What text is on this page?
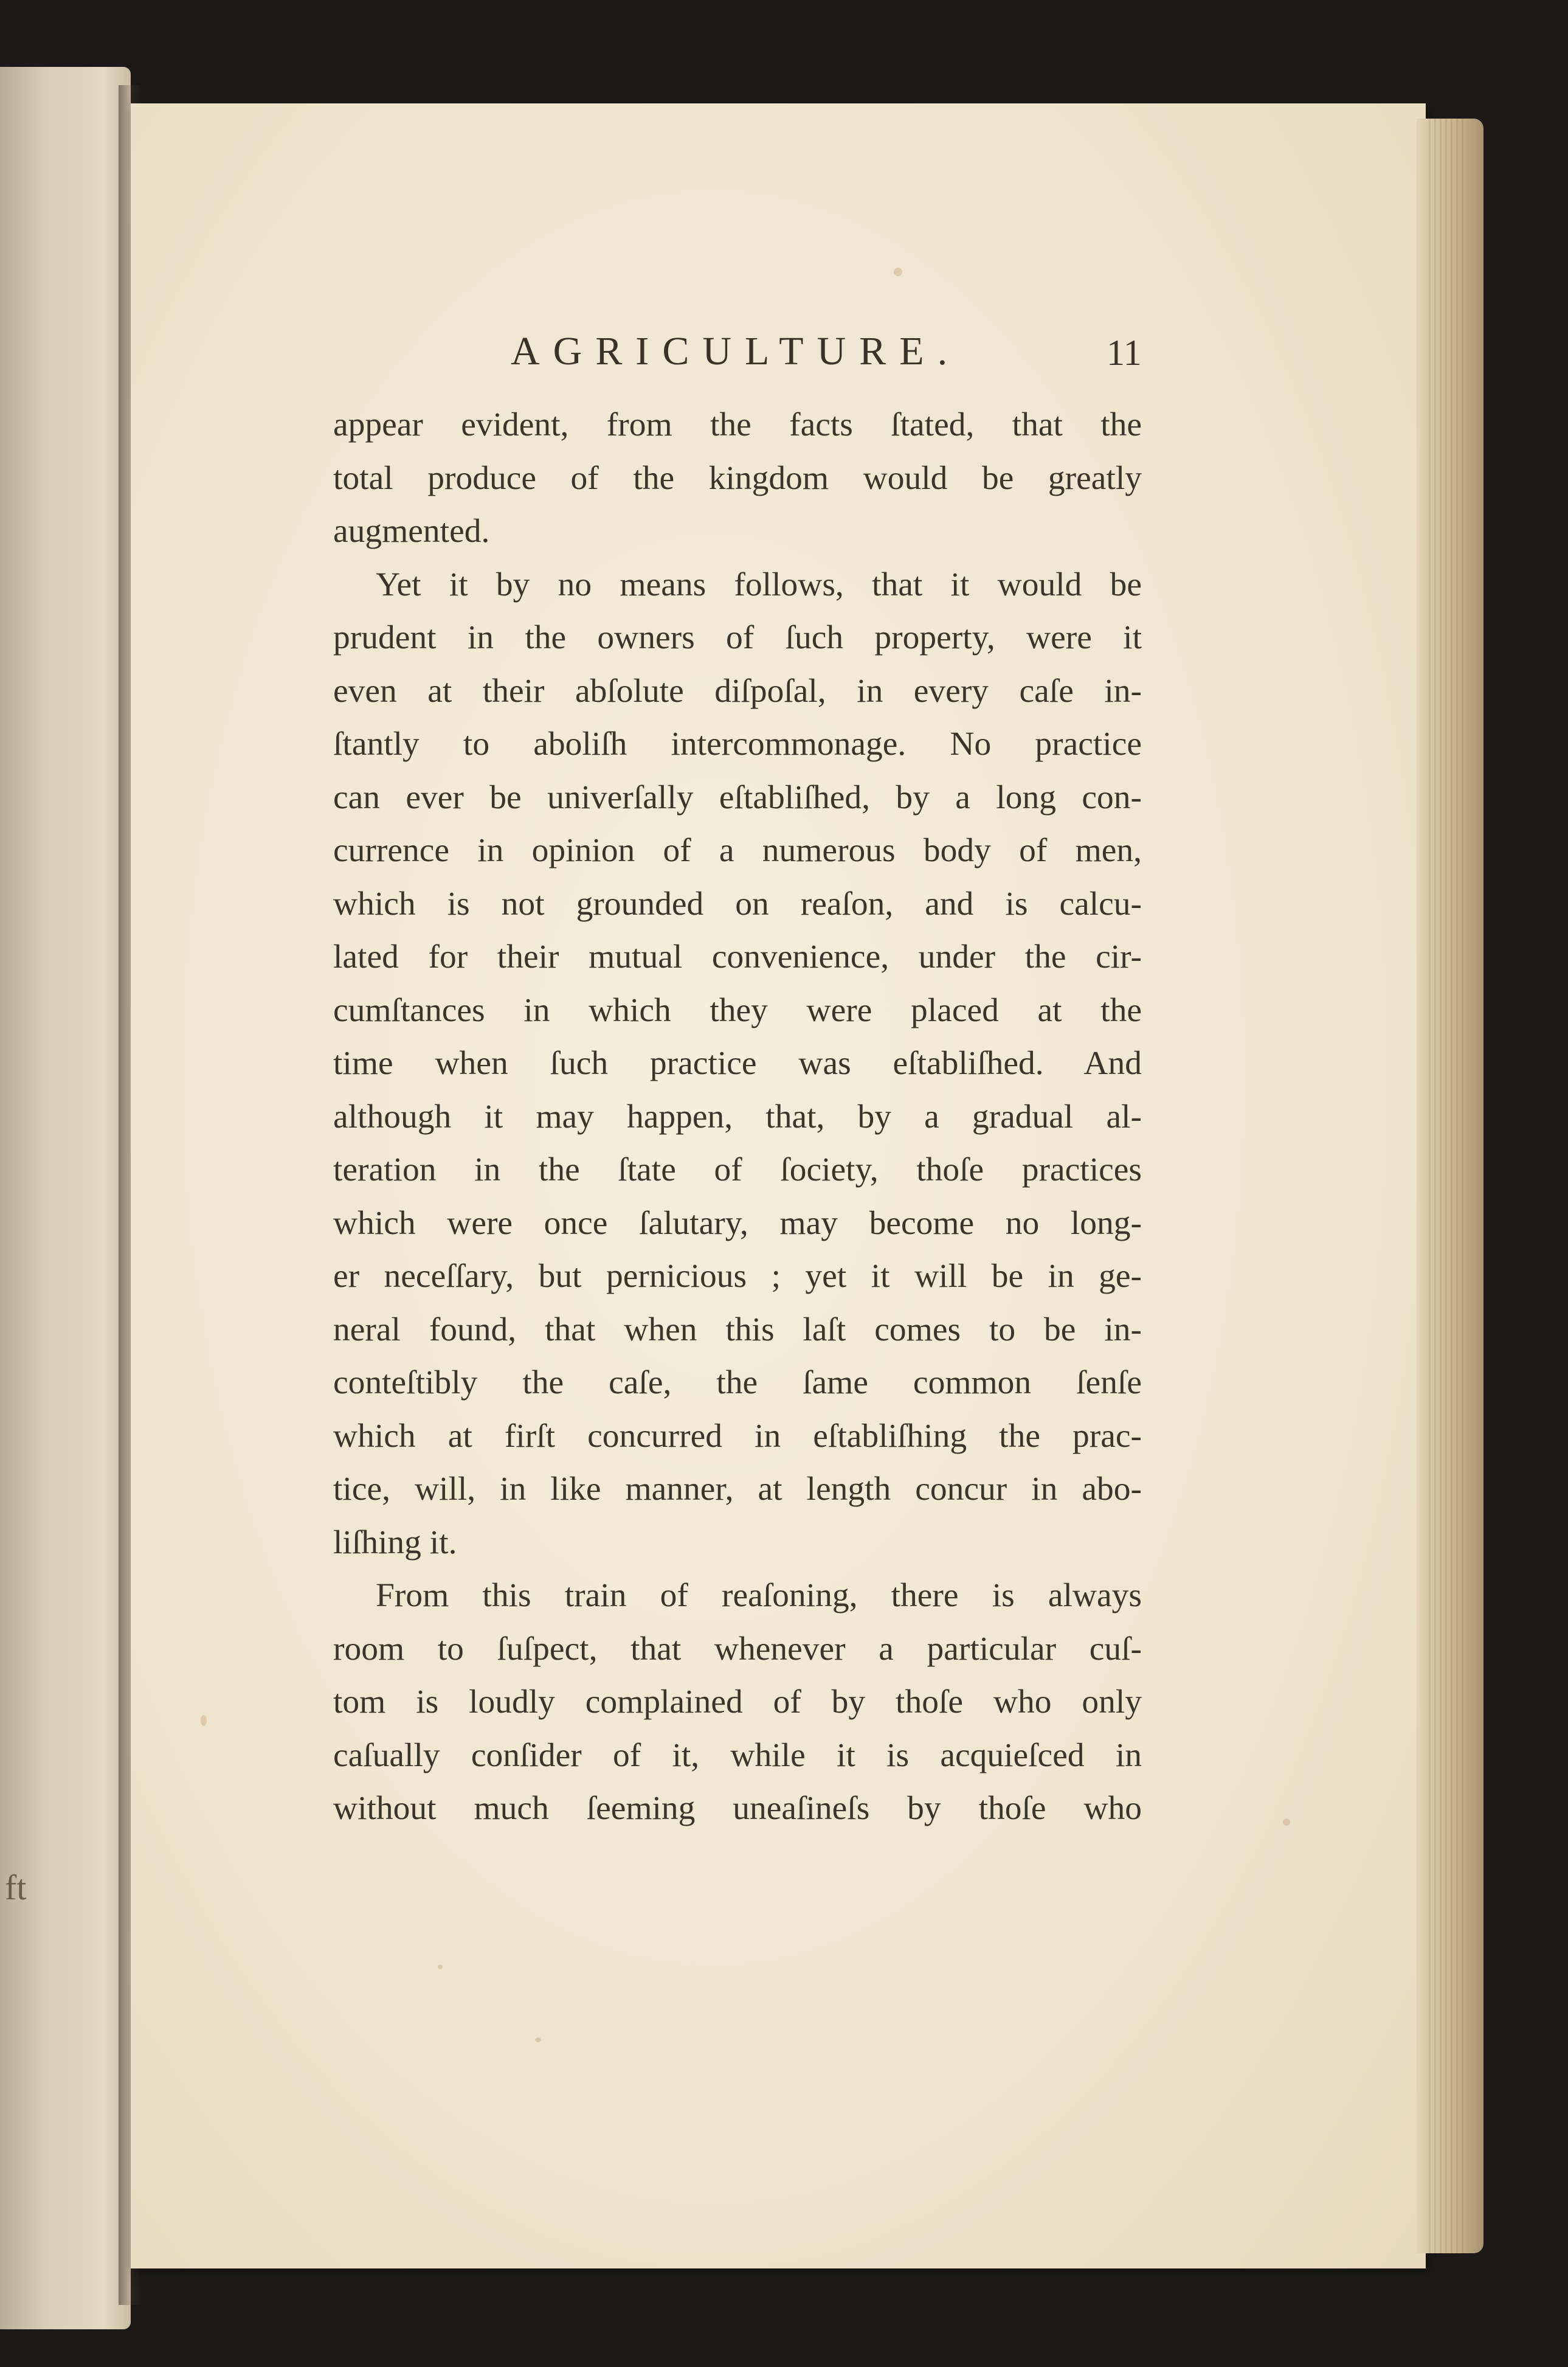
ft
AGRICULTURE.	11
appear evident, from the facts ſtated, that the
total produce of the kingdom would be greatly
augmented.
Yet it by no means follows, that it would be
prudent in the owners of ſuch property, were it
even at their abſolute diſpoſal, in every caſe in-
ſtantly to aboliſh intercommonage. No practice
can ever be univerſally eſtabliſhed, by a long con-
currence in opinion of a numerous body of men,
which is not grounded on reaſon, and is calcu-
lated for their mutual convenience, under the cir-
cumſtances in which they were placed at the
time when ſuch practice was eſtabliſhed. And
although it may happen, that, by a gradual al-
teration in the ſtate of ſociety, thoſe practices
which were once ſalutary, may become no long-
er neceſſary, but pernicious ; yet it will be in ge-
neral found, that when this laſt comes to be in-
conteſtibly the caſe, the ſame common ſenſe
which at firſt concurred in eſtabliſhing the prac-
tice, will, in like manner, at length concur in abo-
liſhing it.
From this train of reaſoning, there is always
room to ſuſpect, that whenever a particular cuſ-
tom is loudly complained of by thoſe who only
caſually conſider of it, while it is acquieſced in
without much ſeeming uneaſineſs by thoſe who
